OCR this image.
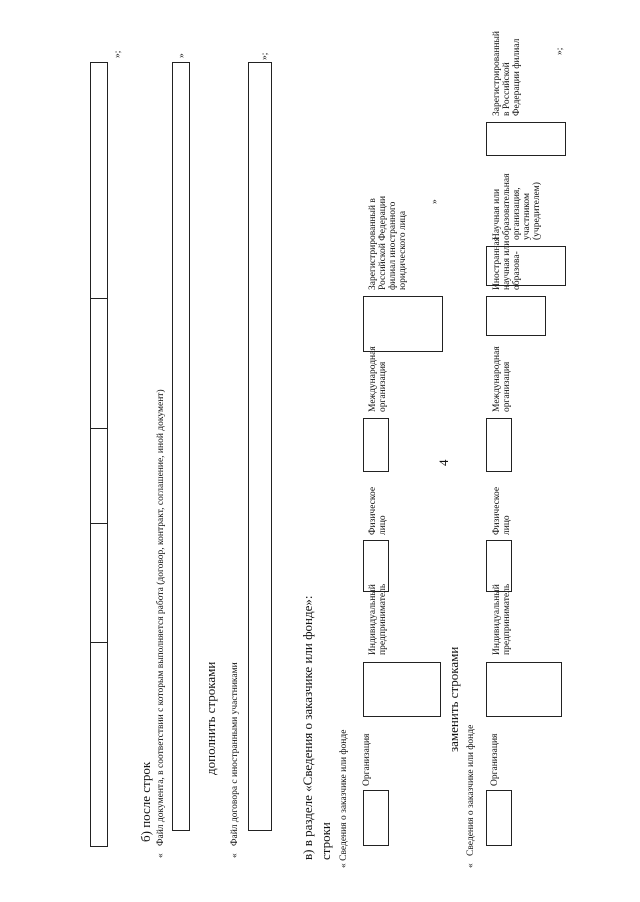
4
»;
б) после строк
«
Файл документа, в соответствии с которым выполняется работа (договор, контракт, соглашение, иной документ)
»
дополнить строками
«
Файл договора с иностранными участниками
»;
в) в разделе «Сведения о заказчике или фонде»: строки « Сведения о заказчике или фонде Организация
Индивидуальный предприниматель
Физическое лицо
Международная организация
Зарегистрированный в Российской Федерации филиал иностранного юридического лица
»
заменить строками
«
Сведения о заказчике или фонде Организация
Индивидуальный предприниматель
Физическое лицо
Международная организация
Иностранная научная или образова-
Научная или образовательная организация, участником (учредителем)
Зарегистрированный в Российской Федерации филиал	»;
